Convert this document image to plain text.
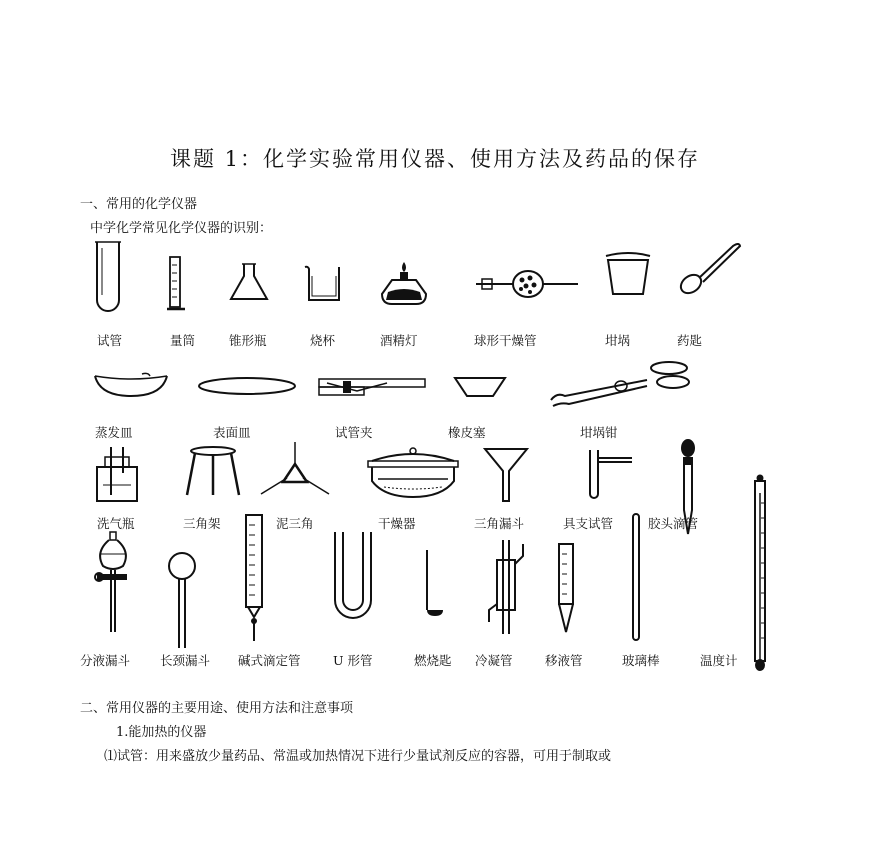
课题 1：化学实验常用仪器、使用方法及药品的保存
一、常用的化学仪器
中学化学常见化学仪器的识别：
试管	量筒	锥形瓶	烧杯	酒精灯	球形干燥管	坩埚	药匙
蒸发皿	表面皿	试管夹	橡皮塞	坩埚钳
洗气瓶	三角架	泥三角	干燥器	三角漏斗	具支试管	胶头滴管
分液漏斗 长颈漏斗 碱式滴定管	U 形管	燃烧匙 冷凝管	移液管	玻璃棒	温度计
二、常用仪器的主要用途、使用方法和注意事项
1.能加热的仪器
⑴试管：用来盛放少量药品、常温或加热情况下进行少量试剂反应的容器，可用于制取或
